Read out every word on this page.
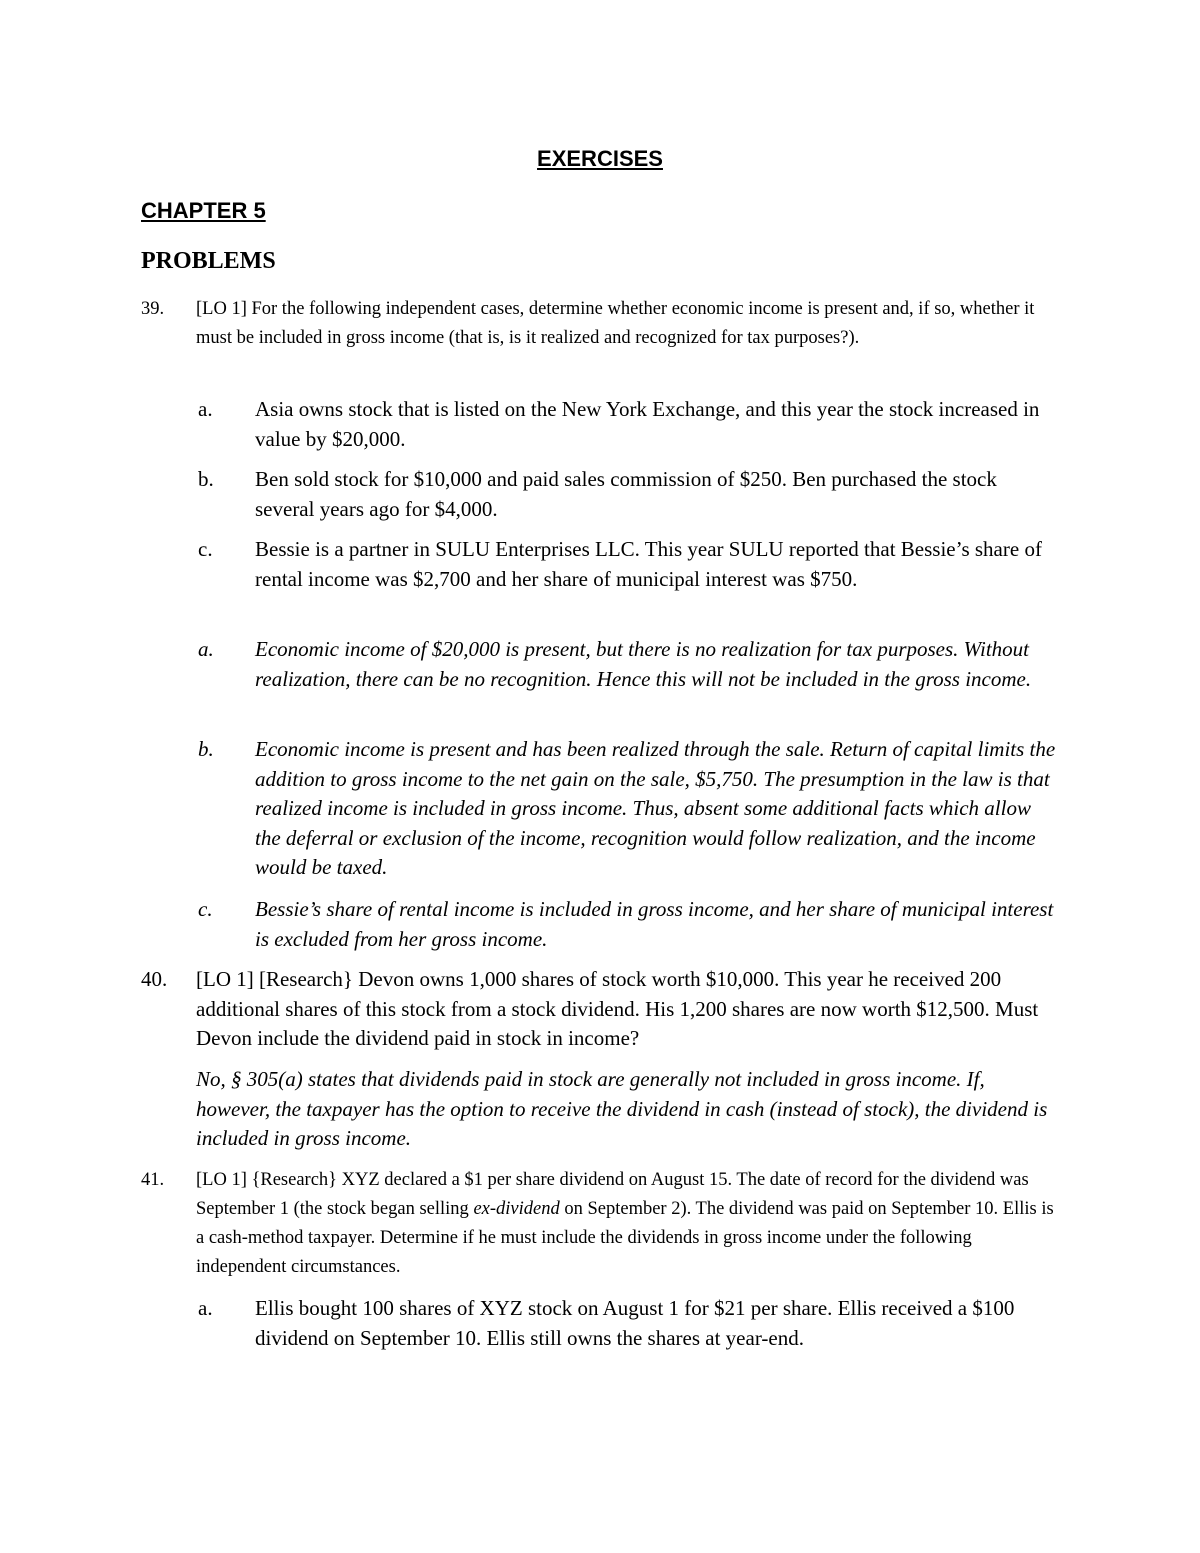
EXERCISES
CHAPTER 5
PROBLEMS
39. [LO 1] For the following independent cases, determine whether economic income is present and, if so, whether it must be included in gross income (that is, is it realized and recognized for tax purposes?).
a. Asia owns stock that is listed on the New York Exchange, and this year the stock increased in value by $20,000.
b. Ben sold stock for $10,000 and paid sales commission of $250. Ben purchased the stock several years ago for $4,000.
c. Bessie is a partner in SULU Enterprises LLC. This year SULU reported that Bessie’s share of rental income was $2,700 and her share of municipal interest was $750.
a. Economic income of $20,000 is present, but there is no realization for tax purposes. Without realization, there can be no recognition. Hence this will not be included in the gross income.
b. Economic income is present and has been realized through the sale. Return of capital limits the addition to gross income to the net gain on the sale, $5,750. The presumption in the law is that realized income is included in gross income. Thus, absent some additional facts which allow the deferral or exclusion of the income, recognition would follow realization, and the income would be taxed.
c. Bessie’s share of rental income is included in gross income, and her share of municipal interest is excluded from her gross income.
40. [LO 1] [Research} Devon owns 1,000 shares of stock worth $10,000. This year he received 200 additional shares of this stock from a stock dividend. His 1,200 shares are now worth $12,500. Must Devon include the dividend paid in stock in income?
No, § 305(a) states that dividends paid in stock are generally not included in gross income. If, however, the taxpayer has the option to receive the dividend in cash (instead of stock), the dividend is included in gross income.
41. [LO 1] {Research} XYZ declared a $1 per share dividend on August 15. The date of record for the dividend was September 1 (the stock began selling ex-dividend on September 2). The dividend was paid on September 10. Ellis is a cash-method taxpayer. Determine if he must include the dividends in gross income under the following independent circumstances.
a. Ellis bought 100 shares of XYZ stock on August 1 for $21 per share. Ellis received a $100 dividend on September 10. Ellis still owns the shares at year-end.
